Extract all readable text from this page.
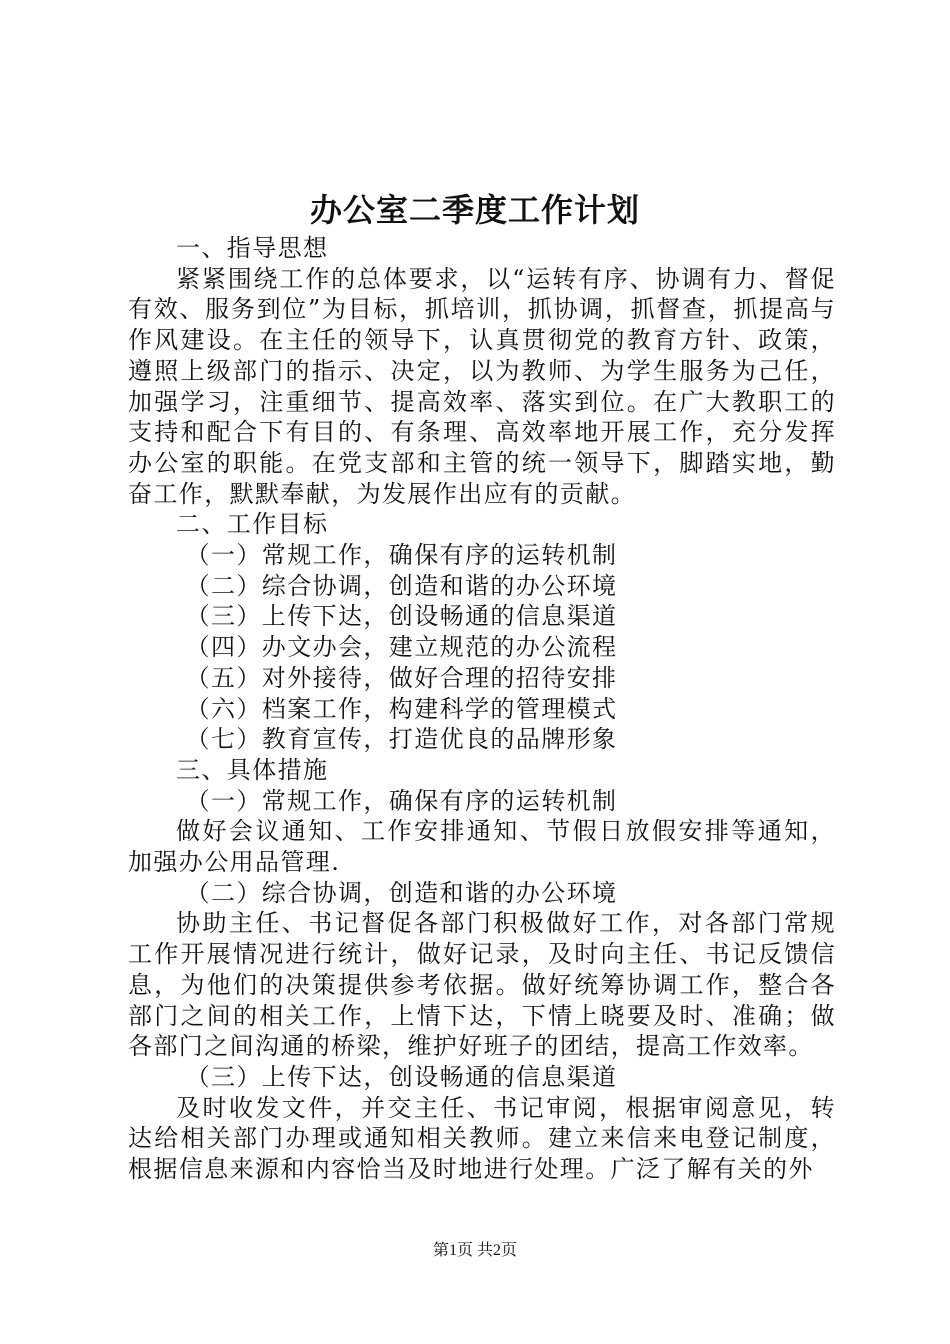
办公室二季度工作计划

一、指导思想

紧紧围绕工作的总体要求，以“运转有序、协调有力、督促有效、服务到位”为目标，抓培训，抓协调，抓督查，抓提高与作风建设。在主任的领导下，认真贯彻党的教育方针、政策，遵照上级部门的指示、决定，以为教师、为学生服务为己任，加强学习，注重细节、提高效率、落实到位。在广大教职工的支持和配合下有目的、有条理、高效率地开展工作，充分发挥办公室的职能。在党支部和主管的统一领导下，脚踏实地，勤奋工作，默默奉献，为发展作出应有的贡献。

二、工作目标

（一）常规工作，确保有序的运转机制

（二）综合协调，创造和谐的办公环境

（三）上传下达，创设畅通的信息渠道

（四）办文办会，建立规范的办公流程

（五）对外接待，做好合理的招待安排

（六）档案工作，构建科学的管理模式

（七）教育宣传，打造优良的品牌形象

三、具体措施

（一）常规工作，确保有序的运转机制

做好会议通知、工作安排通知、节假日放假安排等通知，加强办公用品管理.

（二）综合协调，创造和谐的办公环境

协助主任、书记督促各部门积极做好工作，对各部门常规工作开展情况进行统计，做好记录，及时向主任、书记反馈信息，为他们的决策提供参考依据。做好统筹协调工作，整合各部门之间的相关工作，上情下达，下情上晓要及时、准确；做各部门之间沟通的桥梁，维护好班子的团结，提高工作效率。

（三）上传下达，创设畅通的信息渠道

及时收发文件，并交主任、书记审阅，根据审阅意见，转达给相关部门办理或通知相关教师。建立来信来电登记制度，根据信息来源和内容恰当及时地进行处理。广泛了解有关的外

第1页 共2页
